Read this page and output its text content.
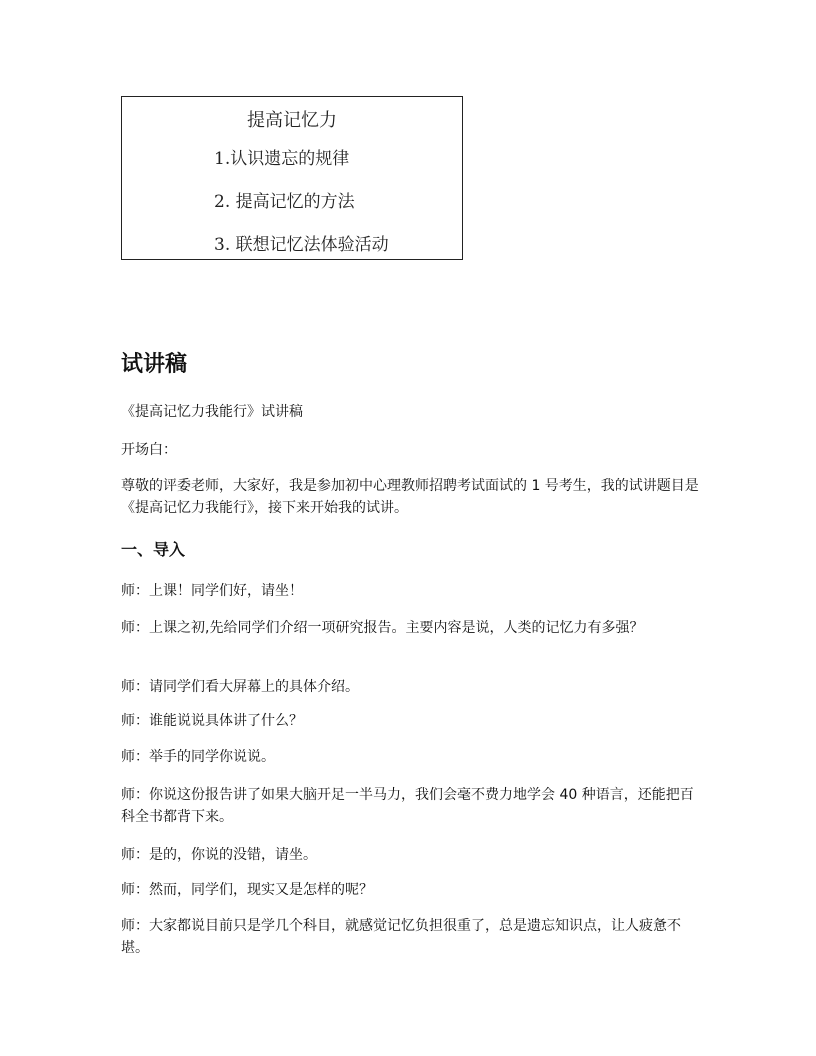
提高记忆力
1.认识遗忘的规律
2. 提高记忆的方法
3. 联想记忆法体验活动
试讲稿

《提高记忆力我能行》试讲稿

开场白：

尊敬的评委老师，大家好，我是参加初中心理教师招聘考试面试的 1 号考生，我的试讲题目是《提高记忆力我能行》，接下来开始我的试讲。

一、导入

师：上课！同学们好，请坐！

师：上课之初,先给同学们介绍一项研究报告。主要内容是说，人类的记忆力有多强？

师：请同学们看大屏幕上的具体介绍。

师：谁能说说具体讲了什么？

师：举手的同学你说说。

师：你说这份报告讲了如果大脑开足一半马力，我们会毫不费力地学会 40 种语言，还能把百科全书都背下来。

师：是的，你说的没错，请坐。

师：然而，同学们，现实又是怎样的呢？

师：大家都说目前只是学几个科目，就感觉记忆负担很重了，总是遗忘知识点，让人疲惫不堪。
